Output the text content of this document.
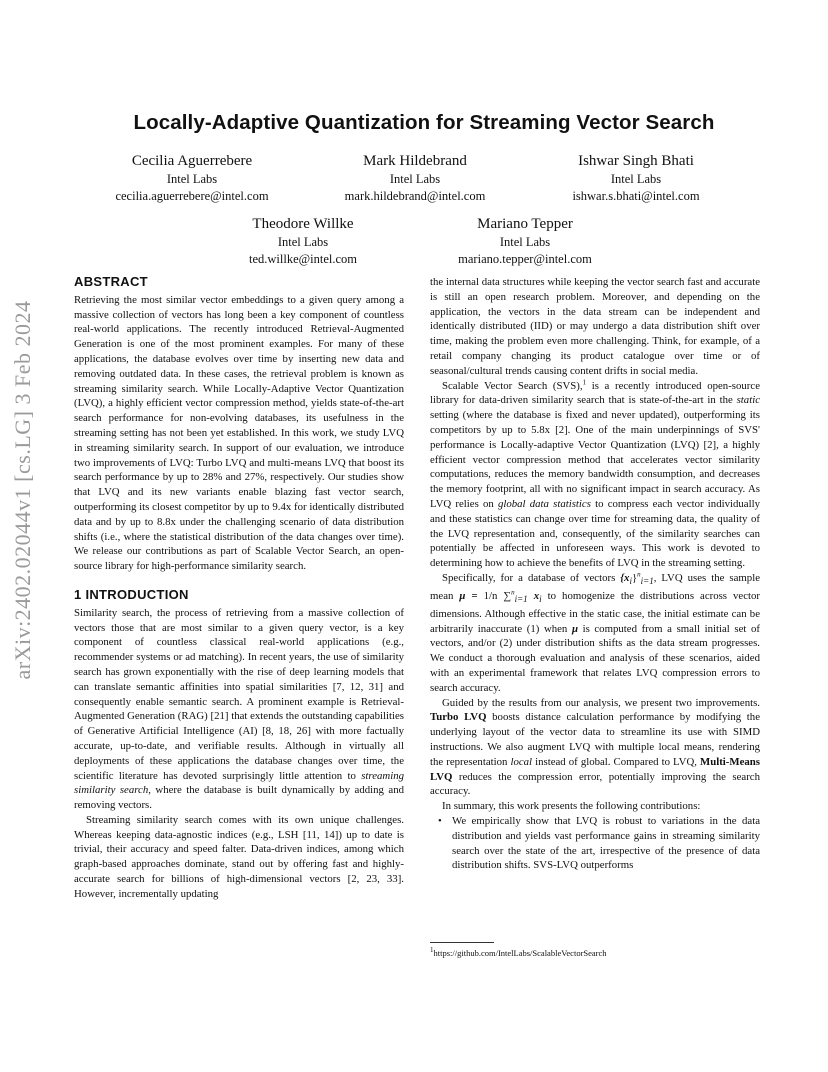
arXiv:2402.02044v1 [cs.LG] 3 Feb 2024
Locally-Adaptive Quantization for Streaming Vector Search
Cecilia Aguerrebere
Intel Labs
cecilia.aguerrebere@intel.com
Mark Hildebrand
Intel Labs
mark.hildebrand@intel.com
Ishwar Singh Bhati
Intel Labs
ishwar.s.bhati@intel.com
Theodore Willke
Intel Labs
ted.willke@intel.com
Mariano Tepper
Intel Labs
mariano.tepper@intel.com
ABSTRACT

Retrieving the most similar vector embeddings to a given query among a massive collection of vectors has long been a key component of countless real-world applications. The recently introduced Retrieval-Augmented Generation is one of the most prominent examples. For many of these applications, the database evolves over time by inserting new data and removing outdated data. In these cases, the retrieval problem is known as streaming similarity search. While Locally-Adaptive Vector Quantization (LVQ), a highly efficient vector compression method, yields state-of-the-art search performance for non-evolving databases, its usefulness in the streaming setting has not been yet established. In this work, we study LVQ in streaming similarity search. In support of our evaluation, we introduce two improvements of LVQ: Turbo LVQ and multi-means LVQ that boost its search performance by up to 28% and 27%, respectively. Our studies show that LVQ and its new variants enable blazing fast vector search, outperforming its closest competitor by up to 9.4x for identically distributed data and by up to 8.8x under the challenging scenario of data distribution shifts (i.e., where the statistical distribution of the data changes over time). We release our contributions as part of Scalable Vector Search, an open-source library for high-performance similarity search.

1 INTRODUCTION

Similarity search, the process of retrieving from a massive collection of vectors those that are most similar to a given query vector, is a key component of countless classical real-world applications (e.g., recommender systems or ad matching). In recent years, the use of similarity search has grown exponentially with the rise of deep learning models that can translate semantic affinities into spatial similarities [7, 12, 31] and consequently enable semantic search. A prominent example is Retrieval-Augmented Generation (RAG) [21] that extends the outstanding capabilities of Generative Artificial Intelligence (AI) [8, 18, 26] with more factually accurate, up-to-date, and verifiable results. Although in virtually all deployments of these applications the database changes over time, the scientific literature has devoted surprisingly little attention to streaming similarity search, where the database is built dynamically by adding and removing vectors.

Streaming similarity search comes with its own unique challenges. Whereas keeping data-agnostic indices (e.g., LSH [11, 14]) up to date is trivial, their accuracy and speed falter. Data-driven indices, among which graph-based approaches dominate, stand out by offering fast and highly-accurate search for billions of high-dimensional vectors [2, 23, 33]. However, incrementally updating

the internal data structures while keeping the vector search fast and accurate is still an open research problem. Moreover, and depending on the application, the vectors in the data stream can be independent and identically distributed (IID) or may undergo a data distribution shift over time, making the problem even more challenging. Think, for example, of a retail company changing its product catalogue over time or of seasonal/cultural trends causing content drifts in social media.

Scalable Vector Search (SVS),$^1$ is a recently introduced open-source library for data-driven similarity search that is state-of-the-art in the static setting (where the database is fixed and never updated), outperforming its competitors by up to 5.8x [2]. One of the main underpinnings of SVS' performance is Locally-adaptive Vector Quantization (LVQ) [2], a highly efficient vector compression method that accelerates vector similarity computations, reduces the memory bandwidth consumption, and decreases the memory footprint, all with no significant impact in search accuracy. As LVQ relies on global data statistics to compress each vector individually and these statistics can change over time for streaming data, the quality of the LVQ representation and, consequently, of the similarity searches can potentially be affected in unforeseen ways. This work is devoted to determining how to achieve the benefits of LVQ in the streaming setting.

Specifically, for a database of vectors $\{x_i\}^n_{i=1}$, LVQ uses the sample mean μ = 1/n ∑$^n_{i=1}$ $x_i$ to homogenize the distributions across vector dimensions. Although effective in the static case, the initial estimate can be arbitrarily inaccurate (1) when μ is computed from a small initial set of vectors, and/or (2) under distribution shifts as the data stream progresses. We conduct a thorough evaluation and analysis of these scenarios, aided with an experimental framework that relates LVQ compression errors to search accuracy.

Guided by the results from our analysis, we present two improvements. Turbo LVQ boosts distance calculation performance by modifying the underlying layout of the vector data to streamline its use with SIMD instructions. We also augment LVQ with multiple local means, rendering the representation local instead of global. Compared to LVQ, Multi-Means LVQ reduces the compression error, potentially improving the search accuracy.

In summary, this work presents the following contributions:

• We empirically show that LVQ is robust to variations in the data distribution and yields vast performance gains in streaming similarity search over the state of the art, irrespective of the presence of data distribution shifts. SVS-LVQ outperforms
$^1$https://github.com/IntelLabs/ScalableVectorSearch
